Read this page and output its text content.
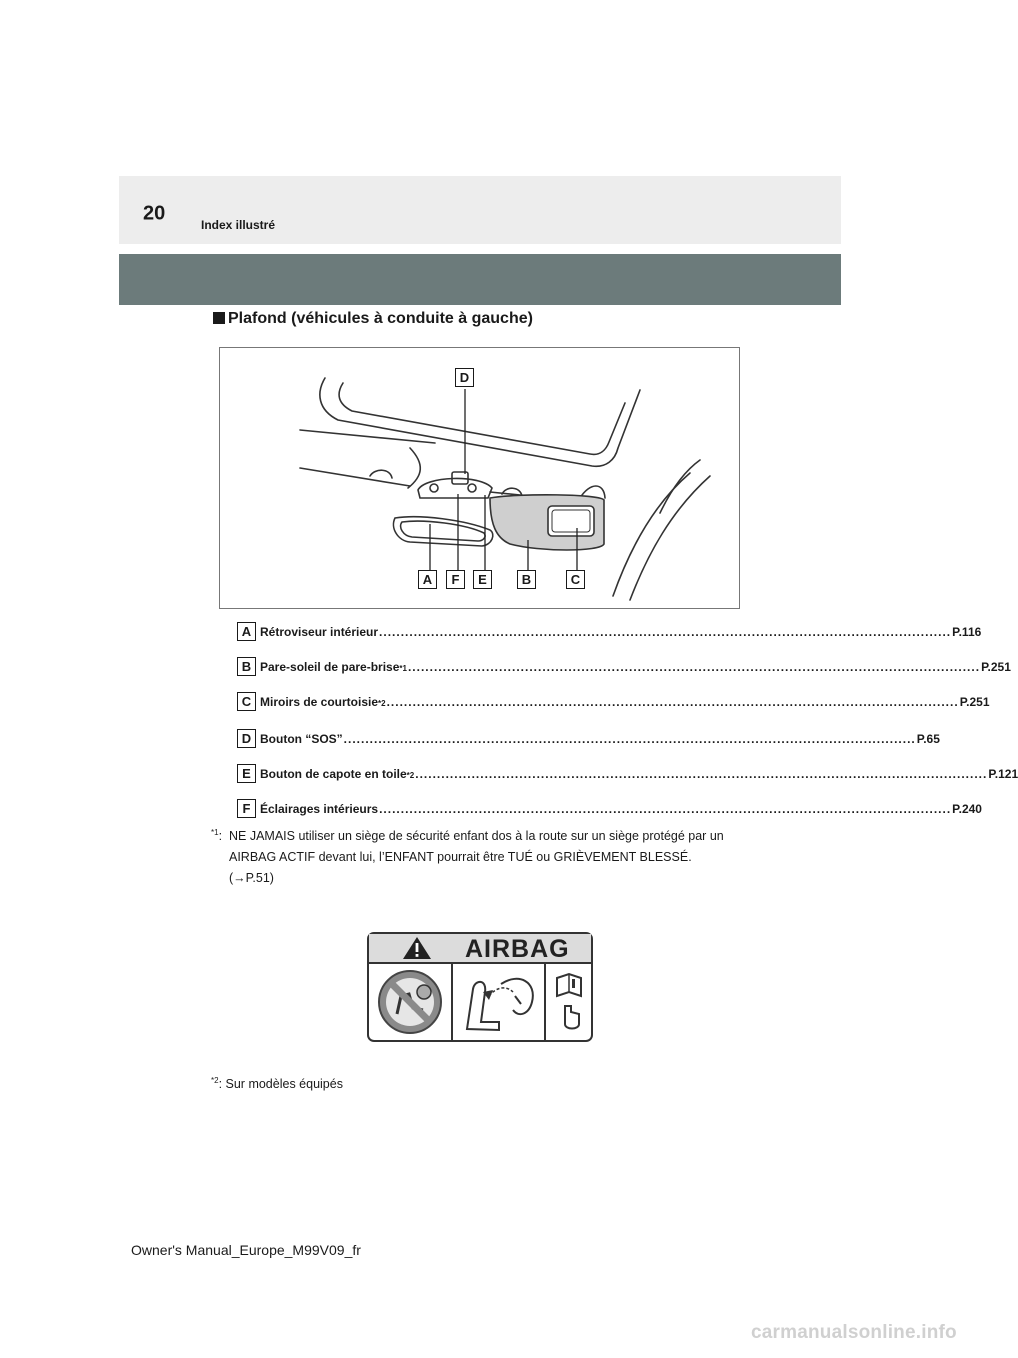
20
Index illustré
Plafond (véhicules à conduite à gauche)
D
A	F	E	B	C
A Rétroviseur intérieur .................................................................................................................................... P.116
B Pare-soleil de pare-brise *1 .................................................................................................................................... P.251
C Miroirs de courtoisie *2 .................................................................................................................................... P.251
D Bouton “SOS” .................................................................................................................................... P.65
E Bouton de capote en toile *2 .................................................................................................................................... P.121
F Éclairages intérieurs .................................................................................................................................... P.240
$^{*1}$: NE JAMAIS utiliser un siège de sécurité enfant dos à la route sur un siège protégé par un
AIRBAG ACTIF devant lui, l’ENFANT pourrait être TUÉ ou GRIÈVEMENT BLESSÉ.
(→P.51)
AIRBAG
$^{*2}$: Sur modèles équipés
Owner's Manual_Europe_M99V09_fr
carmanualsonline.info
